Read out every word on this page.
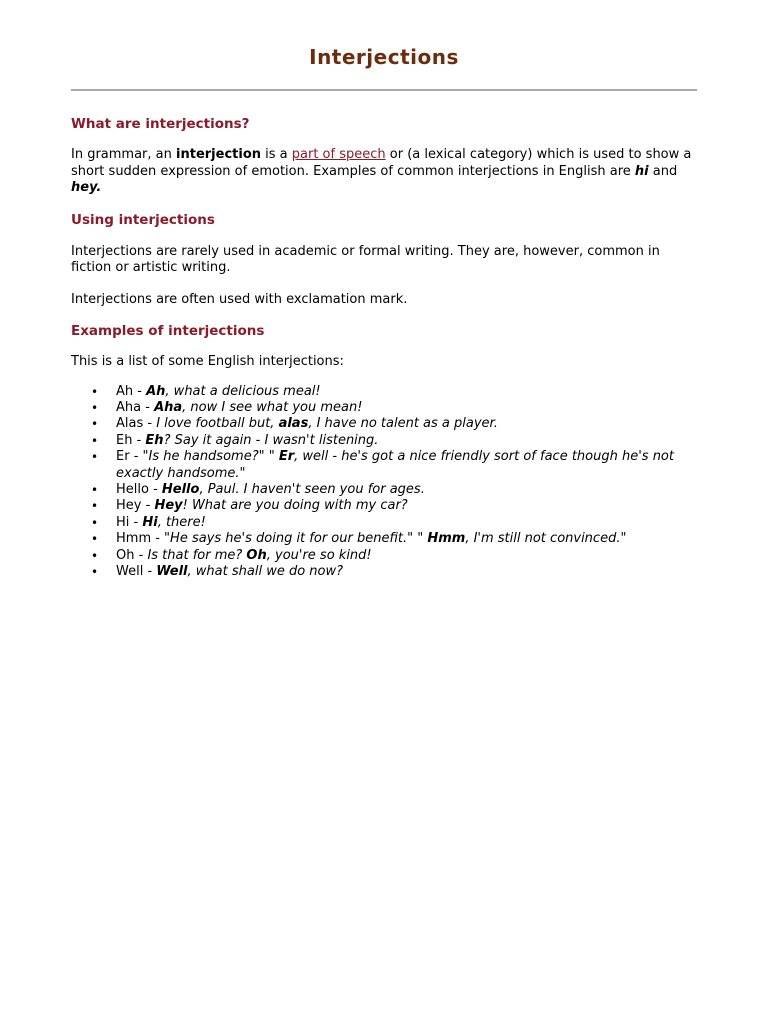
Interjections
What are interjections?

In grammar, an interjection is a part of speech or (a lexical category) which is used to show a short sudden expression of emotion. Examples of common interjections in English are hi and hey.

Using interjections

Interjections are rarely used in academic or formal writing. They are, however, common in fiction or artistic writing.

Interjections are often used with exclamation mark.

Examples of interjections

This is a list of some English interjections:

• Ah - Ah, what a delicious meal!
• Aha - Aha, now I see what you mean!
• Alas - I love football but, alas, I have no talent as a player.
• Eh - Eh? Say it again - I wasn't listening.
• Er - "Is he handsome?" " Er, well - he's got a nice friendly sort of face though he's not exactly handsome."
• Hello - Hello, Paul. I haven't seen you for ages.
• Hey - Hey! What are you doing with my car?
• Hi - Hi, there!
• Hmm - "He says he's doing it for our benefit." " Hmm, I'm still not convinced."
• Oh - Is that for me? Oh, you're so kind!
• Well - Well, what shall we do now?
